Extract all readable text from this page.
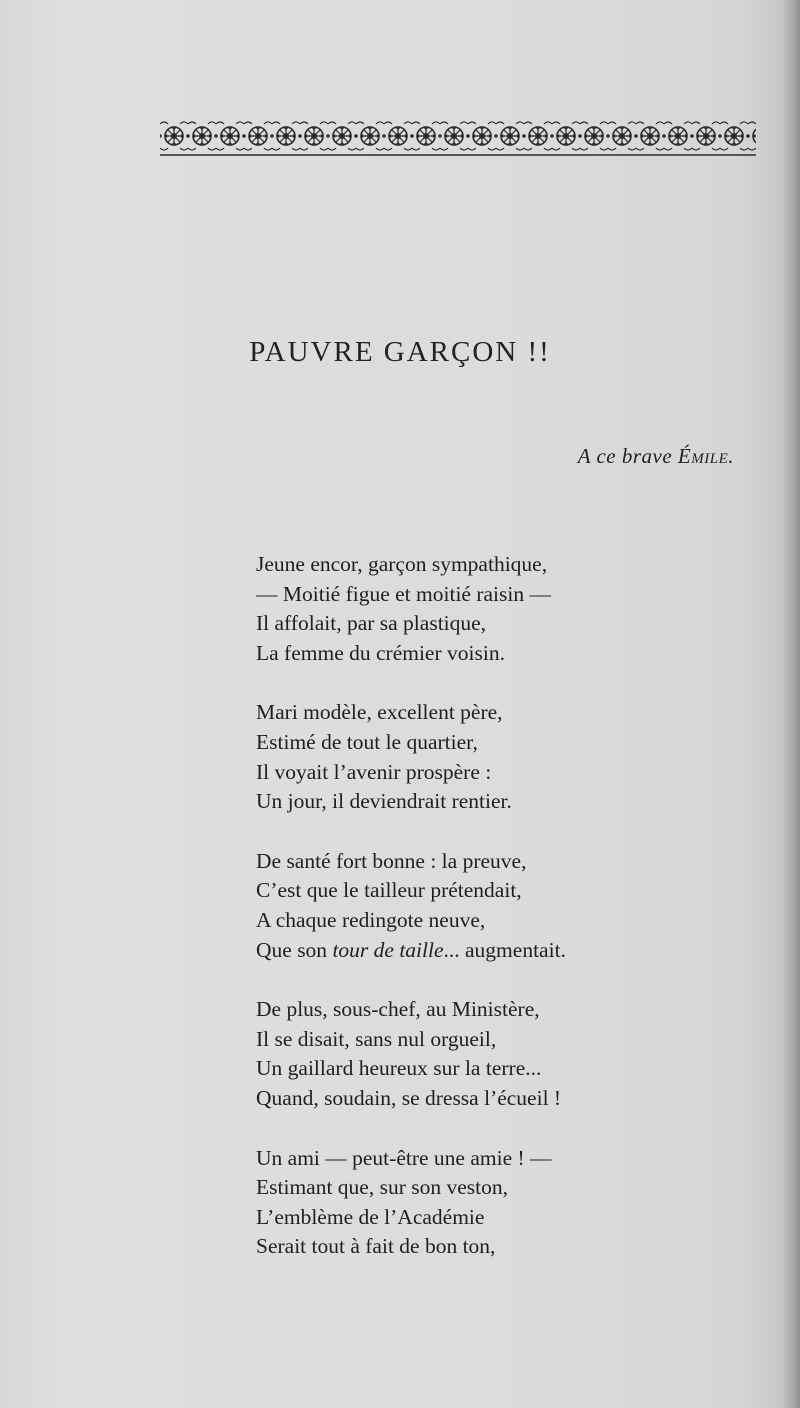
PAUVRE GARÇON !!
A ce brave Émile.
Jeune encor, garçon sympathique,
— Moitié figue et moitié raisin —
Il affolait, par sa plastique,
La femme du crémier voisin.
Mari modèle, excellent père,
Estimé de tout le quartier,
Il voyait l’avenir prospère :
Un jour, il deviendrait rentier.
De santé fort bonne : la preuve,
C’est que le tailleur prétendait,
A chaque redingote neuve,
Que son tour de taille... augmentait.
De plus, sous-chef, au Ministère,
Il se disait, sans nul orgueil,
Un gaillard heureux sur la terre...
Quand, soudain, se dressa l’écueil !
Un ami — peut-être une amie ! —
Estimant que, sur son veston,
L’emblème de l’Académie
Serait tout à fait de bon ton,
